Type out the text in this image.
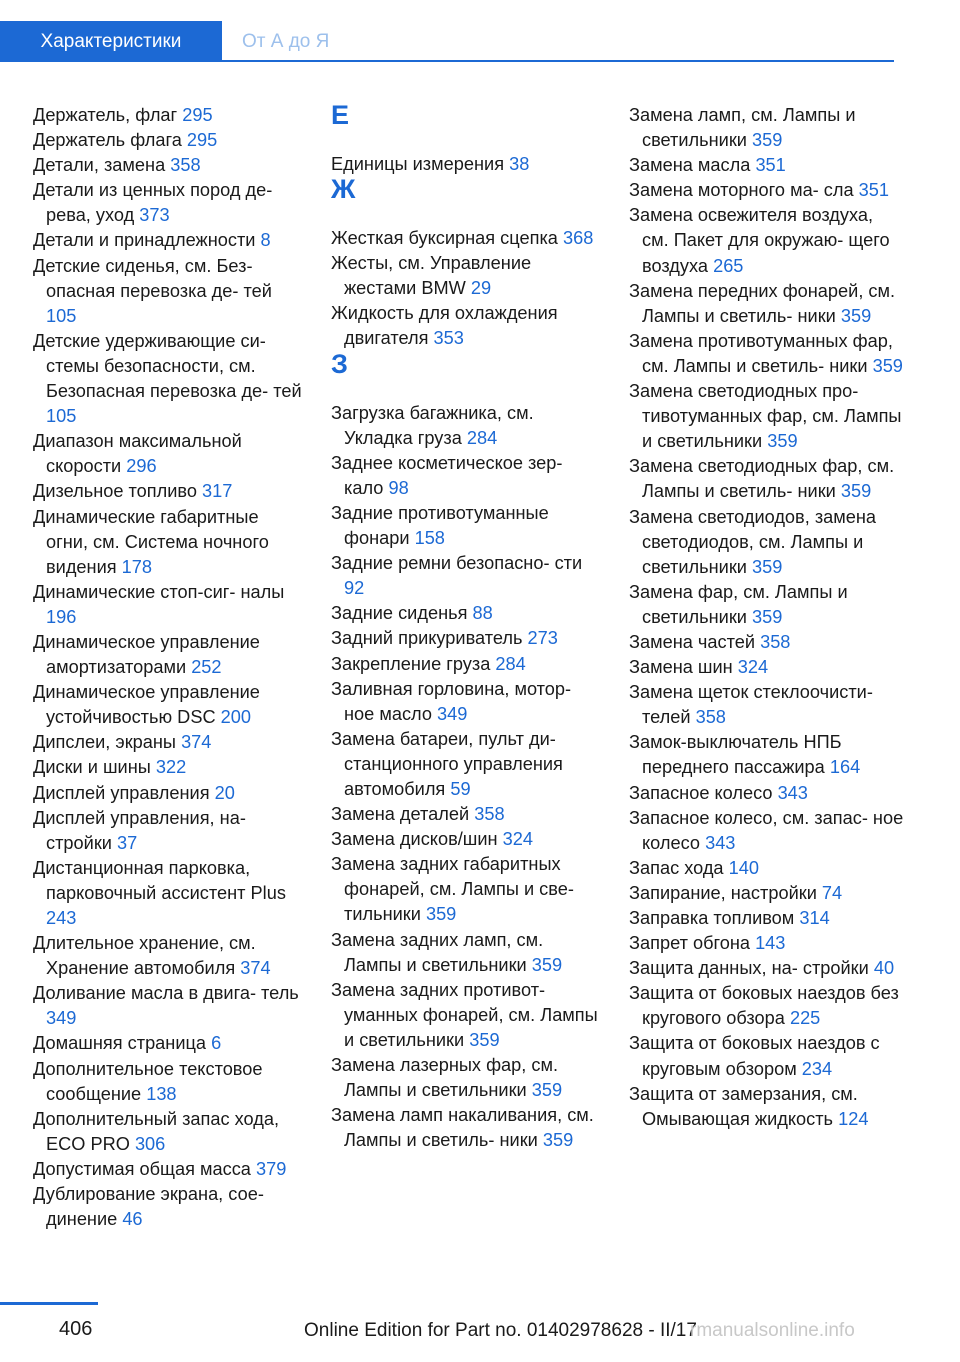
Характеристики	От А до Я
Держатель, флаг 295
Держатель флага 295
Детали, замена 358
Детали из ценных пород де‐ рева, уход 373
Детали и принадлежности 8
Детские сиденья, см. Без‐ опасная перевозка де‐ тей 105
Детские удерживающие си‐ стемы безопасности, см. Безопасная перевозка де‐ тей 105
Диапазон максимальной скорости 296
Дизельное топливо 317
Динамические габаритные огни, см. Система ночного видения 178
Динамические стоп-сиг‐ налы 196
Динамическое управление амортизаторами 252
Динамическое управление устойчивостью DSC 200
Дипслеи, экраны 374
Диски и шины 322
Дисплей управления 20
Дисплей управления, на‐ стройки 37
Дистанционная парковка, парковочный ассистент Plus 243
Длительное хранение, см. Хранение автомобиля 374
Доливание масла в двига‐ тель 349
Домашняя страница 6
Дополнительное текстовое сообщение 138
Дополнительный запас хода, ECO PRO 306
Допустимая общая масса 379
Дублирование экрана, сое‐ динение 46
Е
Единицы измерения 38
Ж
Жесткая буксирная сцепка 368
Жесты, см. Управление жестами BMW 29
Жидкость для охлаждения двигателя 353
З
Загрузка багажника, см. Укладка груза 284
Заднее косметическое зер‐ кало 98
Задние противотуманные фонари 158
Задние ремни безопасно‐ сти 92
Задние сиденья 88
Задний прикуриватель 273
Закрепление груза 284
Заливная горловина, мотор‐ ное масло 349
Замена батареи, пульт ди‐ станционного управления автомобиля 59
Замена деталей 358
Замена дисков/шин 324
Замена задних габаритных фонарей, см. Лампы и све‐ тильники 359
Замена задних ламп, см. Лампы и светильники 359
Замена задних противот‐ уманных фонарей, см. Лампы и светильники 359
Замена лазерных фар, см. Лампы и светильники 359
Замена ламп накаливания, см. Лампы и светиль‐ ники 359
Замена ламп, см. Лампы и светильники 359
Замена масла 351
Замена моторного ма‐ сла 351
Замена освежителя воздуха, см. Пакет для окружаю‐ щего воздуха 265
Замена передних фонарей, см. Лампы и светиль‐ ники 359
Замена противотуманных фар, см. Лампы и светиль‐ ники 359
Замена светодиодных про‐ тивотуманных фар, см. Лампы и светильники 359
Замена светодиодных фар, см. Лампы и светиль‐ ники 359
Замена светодиодов, замена светодиодов, см. Лампы и светильники 359
Замена фар, см. Лампы и светильники 359
Замена частей 358
Замена шин 324
Замена щеток стеклоочисти‐ телей 358
Замок-выключатель НПБ переднего пассажира 164
Запасное колесо 343
Запасное колесо, см. запас‐ ное колесо 343
Запас хода 140
Запирание, настройки 74
Заправка топливом 314
Запрет обгона 143
Защита данных, на‐ стройки 40
Защита от боковых наездов без кругового обзора 225
Защита от боковых наездов с круговым обзором 234
Защита от замерзания, см. Омывающая жидкость 124
406	Online Edition for Part no. 01402978628 - II/17
rmanualsonline.info
